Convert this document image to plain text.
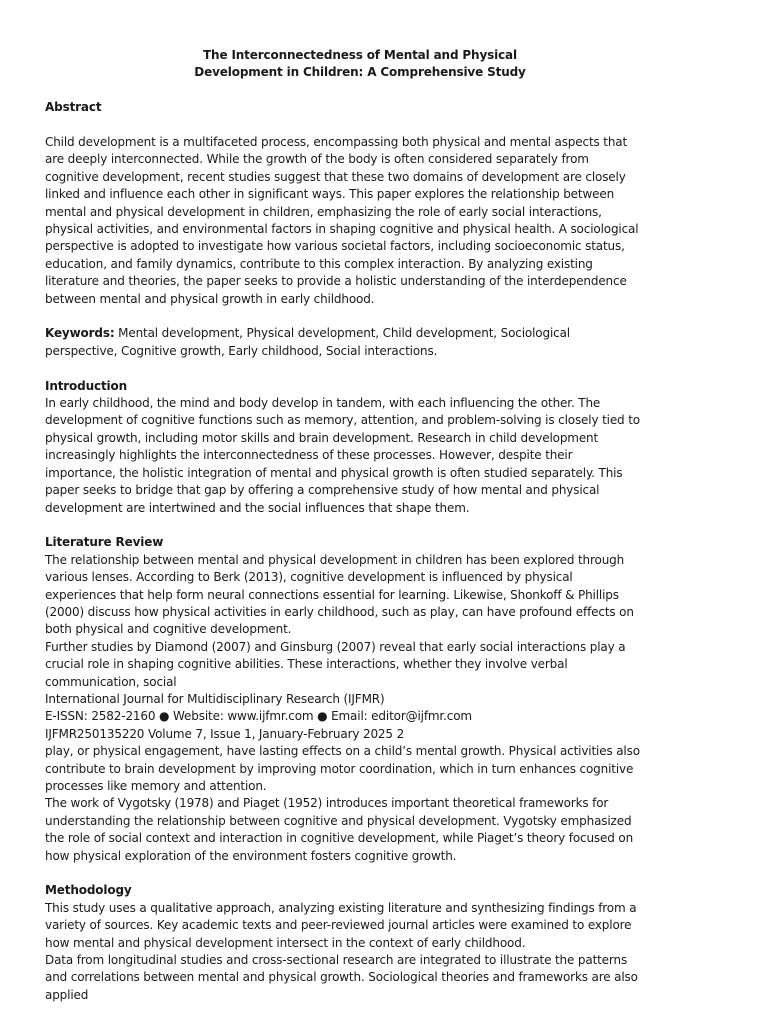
The Interconnectedness of Mental and Physical
Development in Children: A Comprehensive Study
Abstract

Child development is a multifaceted process, encompassing both physical and mental aspects that are deeply interconnected. While the growth of the body is often considered separately from cognitive development, recent studies suggest that these two domains of development are closely linked and influence each other in significant ways. This paper explores the relationship between mental and physical development in children, emphasizing the role of early social interactions, physical activities, and environmental factors in shaping cognitive and physical health. A sociological perspective is adopted to investigate how various societal factors, including socioeconomic status, education, and family dynamics, contribute to this complex interaction. By analyzing existing literature and theories, the paper seeks to provide a holistic understanding of the interdependence between mental and physical growth in early childhood.

Keywords: Mental development, Physical development, Child development, Sociological perspective, Cognitive growth, Early childhood, Social interactions.

Introduction

In early childhood, the mind and body develop in tandem, with each influencing the other. The development of cognitive functions such as memory, attention, and problem-solving is closely tied to physical growth, including motor skills and brain development. Research in child development increasingly highlights the interconnectedness of these processes. However, despite their importance, the holistic integration of mental and physical growth is often studied separately. This paper seeks to bridge that gap by offering a comprehensive study of how mental and physical development are intertwined and the social influences that shape them.

Literature Review

The relationship between mental and physical development in children has been explored through various lenses. According to Berk (2013), cognitive development is influenced by physical experiences that help form neural connections essential for learning. Likewise, Shonkoff & Phillips (2000) discuss how physical activities in early childhood, such as play, can have profound effects on both physical and cognitive development.

Further studies by Diamond (2007) and Ginsburg (2007) reveal that early social interactions play a crucial role in shaping cognitive abilities. These interactions, whether they involve verbal communication, social

International Journal for Multidisciplinary Research (IJFMR)

E-ISSN: 2582-2160 ● Website: www.ijfmr.com ● Email: editor@ijfmr.com

IJFMR250135220 Volume 7, Issue 1, January-February 2025 2

play, or physical engagement, have lasting effects on a child’s mental growth. Physical activities also contribute to brain development by improving motor coordination, which in turn enhances cognitive processes like memory and attention.

The work of Vygotsky (1978) and Piaget (1952) introduces important theoretical frameworks for understanding the relationship between cognitive and physical development. Vygotsky emphasized the role of social context and interaction in cognitive development, while Piaget’s theory focused on how physical exploration of the environment fosters cognitive growth.

Methodology

This study uses a qualitative approach, analyzing existing literature and synthesizing findings from a variety of sources. Key academic texts and peer-reviewed journal articles were examined to explore how mental and physical development intersect in the context of early childhood.

Data from longitudinal studies and cross-sectional research are integrated to illustrate the patterns and correlations between mental and physical growth. Sociological theories and frameworks are also applied
